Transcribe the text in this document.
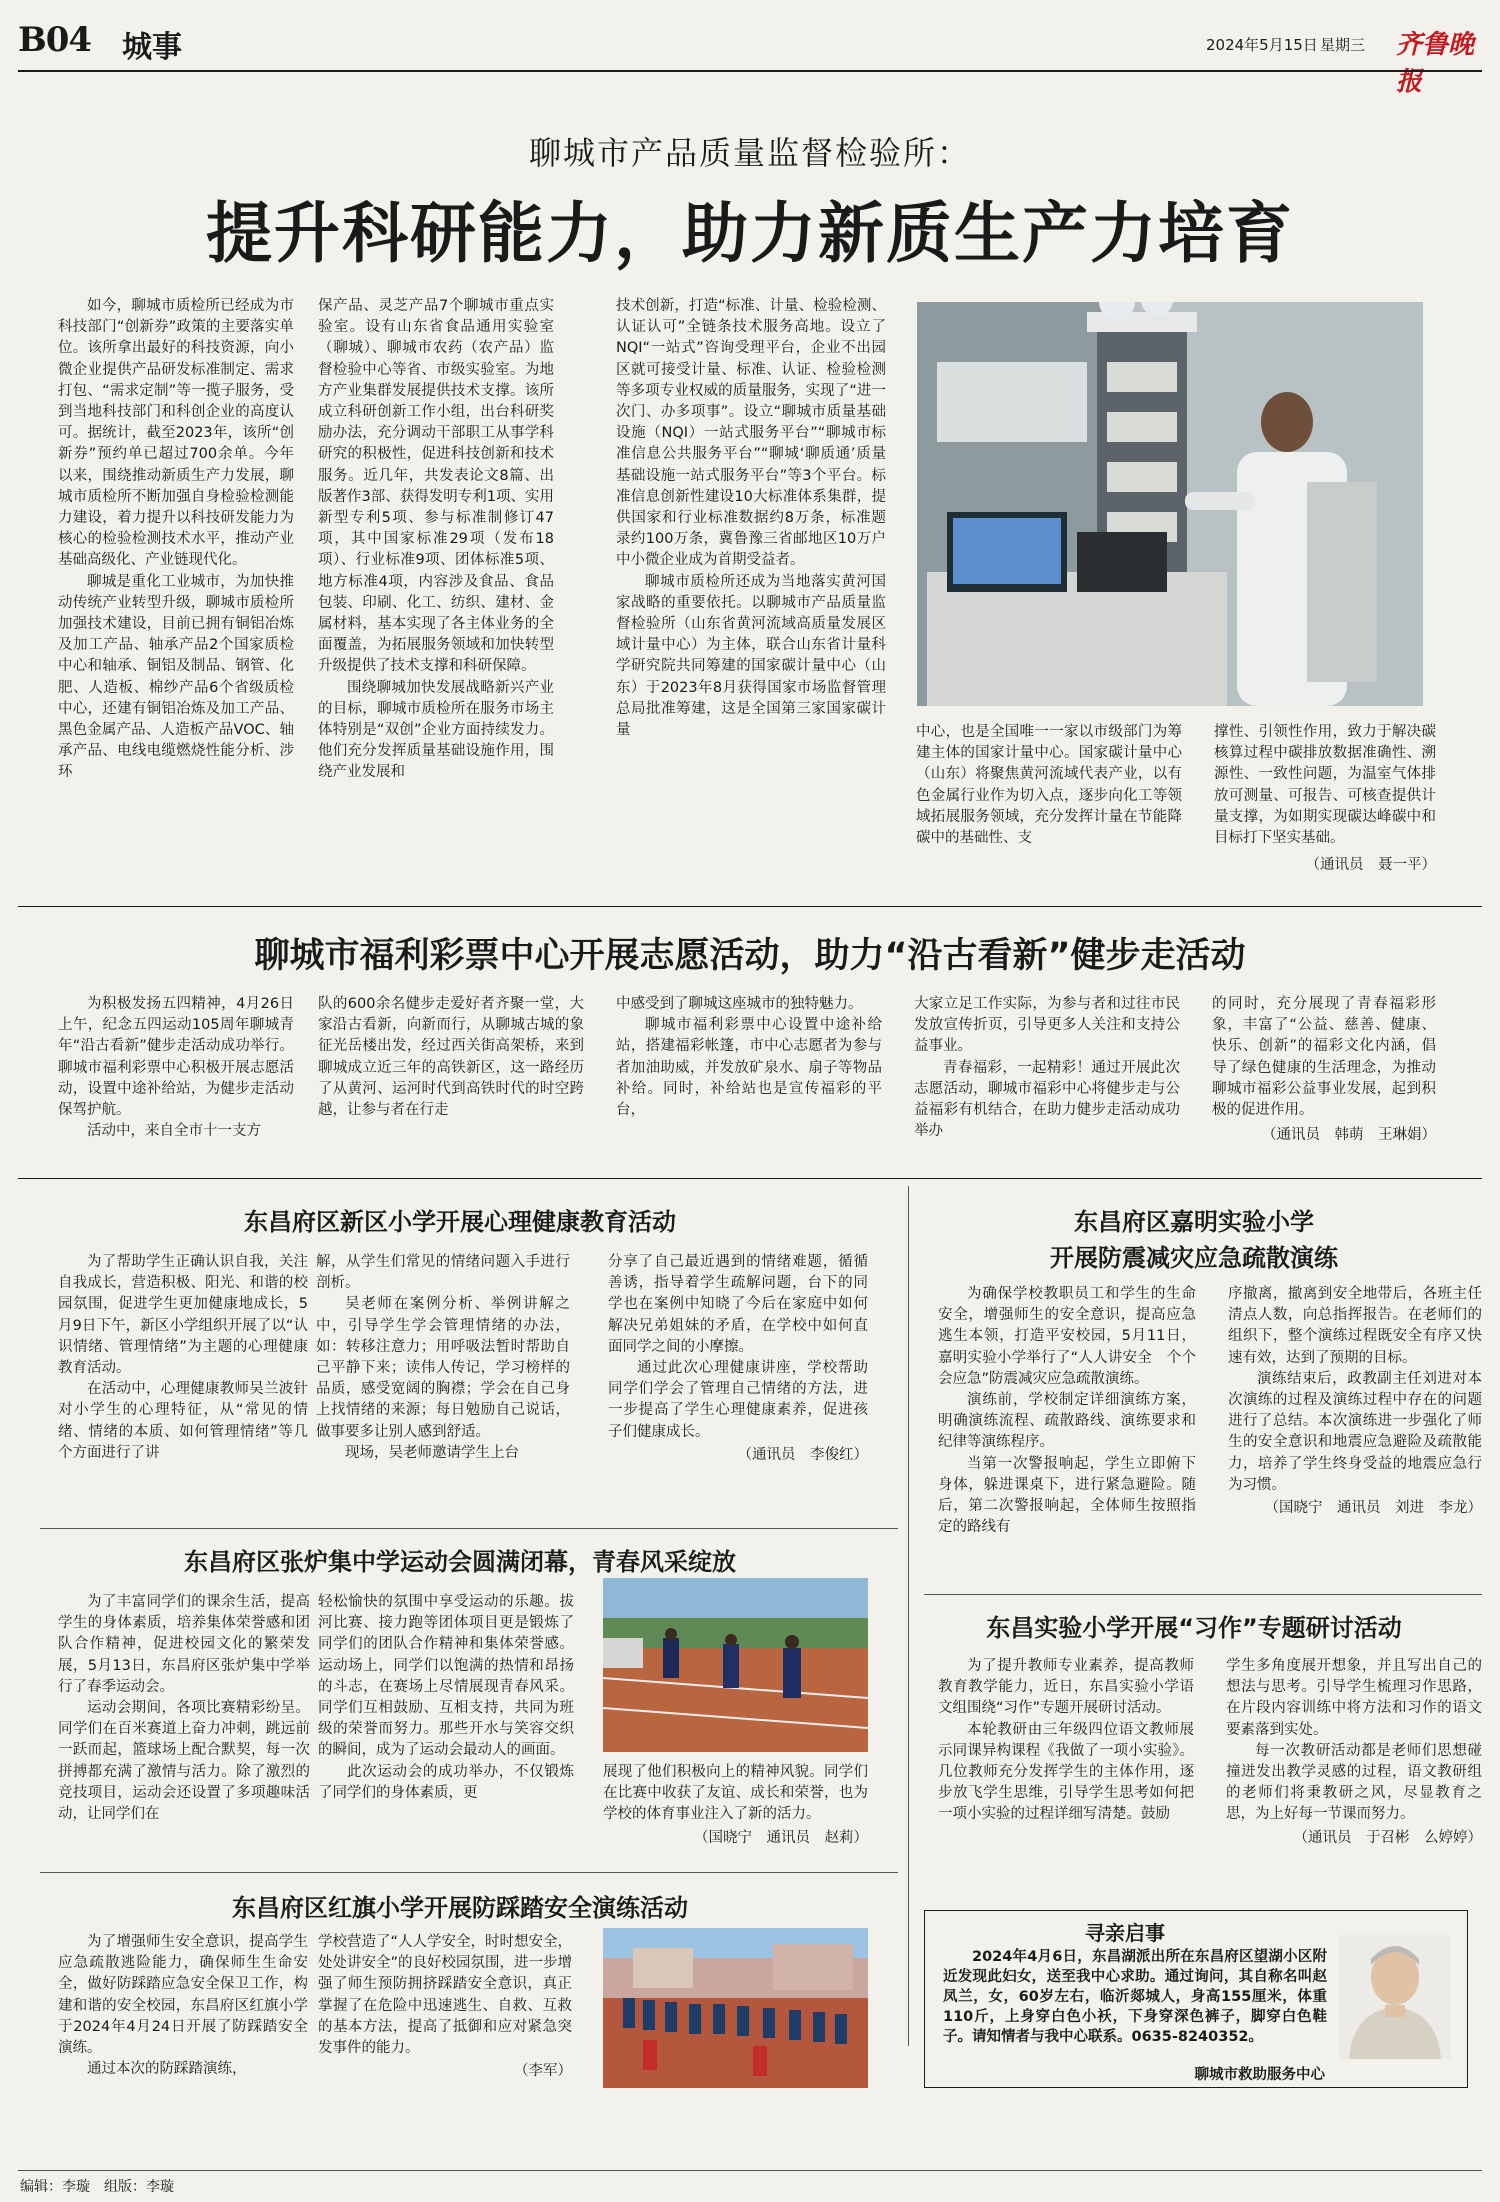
B04 城事	2024年5月15日 星期三 齐鲁晚报
聊城市产品质量监督检验所：
提升科研能力，助力新质生产力培育

如今，聊城市质检所已经成为市科技部门“创新券”政策的主要落实单位。该所拿出最好的科技资源，向小微企业提供产品研发标准制定、需求打包、“需求定制”等一揽子服务，受到当地科技部门和科创企业的高度认可。据统计，截至2023年，该所“创新券”预约单已超过700余单。今年以来，围绕推动新质生产力发展，聊城市质检所不断加强自身检验检测能力建设，着力提升以科技研发能力为核心的检验检测技术水平，推动产业基础高级化、产业链现代化。

聊城是重化工业城市，为加快推动传统产业转型升级，聊城市质检所加强技术建设，目前已拥有铜铝冶炼及加工产品、轴承产品2个国家质检中心和轴承、铜铝及制品、钢管、化肥、人造板、棉纱产品6个省级质检中心，还建有铜铝冶炼及加工产品、黑色金属产品、人造板产品VOC、轴承产品、电线电缆燃烧性能分析、涉环

保产品、灵芝产品7个聊城市重点实验室。设有山东省食品通用实验室（聊城）、聊城市农药（农产品）监督检验中心等省、市级实验室。为地方产业集群发展提供技术支撑。该所成立科研创新工作小组，出台科研奖励办法，充分调动干部职工从事学科研究的积极性，促进科技创新和技术服务。近几年，共发表论文8篇、出版著作3部、获得发明专利1项、实用新型专利5项、参与标准制修订47项，其中国家标准29项（发布18项）、行业标准9项、团体标准5项、地方标准4项，内容涉及食品、食品包装、印刷、化工、纺织、建材、金属材料，基本实现了各主体业务的全面覆盖，为拓展服务领域和加快转型升级提供了技术支撑和科研保障。

围绕聊城加快发展战略新兴产业的目标，聊城市质检所在服务市场主体特别是“双创”企业方面持续发力。他们充分发挥质量基础设施作用，围绕产业发展和

技术创新，打造“标准、计量、检验检测、认证认可”全链条技术服务高地。设立了NQI“一站式”咨询受理平台，企业不出园区就可接受计量、标准、认证、检验检测等多项专业权威的质量服务，实现了“进一次门、办多项事”。设立“聊城市质量基础设施（NQI）一站式服务平台”“聊城市标准信息公共服务平台”“聊城‘聊质通’质量基础设施一站式服务平台”等3个平台。标准信息创新性建设10大标准体系集群，提供国家和行业标准数据约8万条，标准题录约100万条，冀鲁豫三省邮地区10万户中小微企业成为首期受益者。

聊城市质检所还成为当地落实黄河国家战略的重要依托。以聊城市产品质量监督检验所（山东省黄河流域高质量发展区域计量中心）为主体，联合山东省计量科学研究院共同筹建的国家碳计量中心（山东）于2023年8月获得国家市场监督管理总局批准筹建，这是全国第三家国家碳计量	中心，也是全国唯一一家以市级部门为筹建主体的国家计量中心。国家碳计量中心（山东）将聚焦黄河流域代表产业，以有色金属行业作为切入点，逐步向化工等领域拓展服务领域，充分发挥计量在节能降碳中的基础性、支

撑性、引领性作用，致力于解决碳核算过程中碳排放数据准确性、溯源性、一致性问题，为温室气体排放可测量、可报告、可核查提供计量支撑，为如期实现碳达峰碳中和目标打下坚实基础。

（通讯员　聂一平）
聊城市福利彩票中心开展志愿活动，助力“沿古看新”健步走活动

为积极发扬五四精神，4月26日上午，纪念五四运动105周年聊城青年“沿古看新”健步走活动成功举行。聊城市福利彩票中心积极开展志愿活动，设置中途补给站，为健步走活动保驾护航。

活动中，来自全市十一支方

队的600余名健步走爱好者齐聚一堂，大家沿古看新，向新而行，从聊城古城的象征光岳楼出发，经过西关街高架桥，来到聊城成立近三年的高铁新区，这一路经历了从黄河、运河时代到高铁时代的时空跨越，让参与者在行走

中感受到了聊城这座城市的独特魅力。

聊城市福利彩票中心设置中途补给站，搭建福彩帐篷，市中心志愿者为参与者加油助威，并发放矿泉水、扇子等物品补给。同时，补给站也是宣传福彩的平台，

大家立足工作实际，为参与者和过往市民发放宣传折页，引导更多人关注和支持公益事业。

青春福彩，一起精彩！通过开展此次志愿活动，聊城市福彩中心将健步走与公益福彩有机结合，在助力健步走活动成功举办

的同时，充分展现了青春福彩形象，丰富了“公益、慈善、健康、快乐、创新”的福彩文化内涵，倡导了绿色健康的生活理念，为推动聊城市福彩公益事业发展，起到积极的促进作用。

（通讯员　韩萌　王琳娟）
东昌府区新区小学开展心理健康教育活动

为了帮助学生正确认识自我，关注自我成长，营造积极、阳光、和谐的校园氛围，促进学生更加健康地成长，5月9日下午，新区小学组织开展了以“认识情绪、管理情绪”为主题的心理健康教育活动。

在活动中，心理健康教师吴兰波针对小学生的心理特征，从“常见的情绪、情绪的本质、如何管理情绪”等几个方面进行了讲

解，从学生们常见的情绪问题入手进行剖析。

吴老师在案例分析、举例讲解之中，引导学生学会管理情绪的办法，如：转移注意力；用呼吸法暂时帮助自己平静下来；读伟人传记，学习榜样的品质，感受宽阔的胸襟；学会在自己身上找情绪的来源；每日勉励自己说话，做事要多让别人感到舒适。

现场，吴老师邀请学生上台

分享了自己最近遇到的情绪难题，循循善诱，指导着学生疏解问题，台下的同学也在案例中知晓了今后在家庭中如何解决兄弟姐妹的矛盾，在学校中如何直面同学之间的小摩擦。

通过此次心理健康讲座，学校帮助同学们学会了管理自己情绪的方法，进一步提高了学生心理健康素养，促进孩子们健康成长。

（通讯员　李俊红）
东昌府区嘉明实验小学
开展防震减灾应急疏散演练

为确保学校教职员工和学生的生命安全，增强师生的安全意识，提高应急逃生本领，打造平安校园，5月11日，嘉明实验小学举行了“人人讲安全　个个会应急”防震减灾应急疏散演练。

演练前，学校制定详细演练方案，明确演练流程、疏散路线、演练要求和纪律等演练程序。

当第一次警报响起，学生立即俯下身体，躲进课桌下，进行紧急避险。随后，第二次警报响起，全体师生按照指定的路线有

序撤离，撤离到安全地带后，各班主任清点人数，向总指挥报告。在老师们的组织下，整个演练过程既安全有序又快速有效，达到了预期的目标。

演练结束后，政教副主任刘进对本次演练的过程及演练过程中存在的问题进行了总结。本次演练进一步强化了师生的安全意识和地震应急避险及疏散能力，培养了学生终身受益的地震应急行为习惯。

（国晓宁　通讯员　刘进　李龙）
东昌府区张炉集中学运动会圆满闭幕，青春风采绽放

为了丰富同学们的课余生活，提高学生的身体素质，培养集体荣誉感和团队合作精神，促进校园文化的繁荣发展，5月13日，东昌府区张炉集中学举行了春季运动会。

运动会期间，各项比赛精彩纷呈。同学们在百米赛道上奋力冲刺，跳远前一跃而起，篮球场上配合默契，每一次拼搏都充满了激情与活力。除了激烈的竞技项目，运动会还设置了多项趣味活动，让同学们在

轻松愉快的氛围中享受运动的乐趣。拔河比赛、接力跑等团体项目更是锻炼了同学们的团队合作精神和集体荣誉感。运动场上，同学们以饱满的热情和昂扬的斗志，在赛场上尽情展现青春风采。同学们互相鼓励、互相支持，共同为班级的荣誉而努力。那些开水与笑容交织的瞬间，成为了运动会最动人的画面。

此次运动会的成功举办，不仅锻炼了同学们的身体素质，更

展现了他们积极向上的精神风貌。同学们在比赛中收获了友谊、成长和荣誉，也为学校的体育事业注入了新的活力。

（国晓宁　通讯员　赵莉）
东昌实验小学开展“习作”专题研讨活动

为了提升教师专业素养，提高教师教育教学能力，近日，东昌实验小学语文组围绕“习作”专题开展研讨活动。

本轮教研由三年级四位语文教师展示同课异构课程《我做了一项小实验》。几位教师充分发挥学生的主体作用，逐步放飞学生思维，引导学生思考如何把一项小实验的过程详细写清楚。鼓励

学生多角度展开想象，并且写出自己的想法与思考。引导学生梳理习作思路，在片段内容训练中将方法和习作的语文要素落到实处。

每一次教研活动都是老师们思想碰撞迸发出教学灵感的过程，语文教研组的老师们将秉教研之风，尽显教育之思，为上好每一节课而努力。

（通讯员　于召彬　么婷婷）
东昌府区红旗小学开展防踩踏安全演练活动

为了增强师生安全意识，提高学生应急疏散逃险能力，确保师生生命安全，做好防踩踏应急安全保卫工作，构建和谐的安全校园，东昌府区红旗小学于2024年4月24日开展了防踩踏安全演练。

通过本次的防踩踏演练，

学校营造了“人人学安全，时时想安全，处处讲安全”的良好校园氛围，进一步增强了师生预防拥挤踩踏安全意识，真正掌握了在危险中迅速逃生、自救、互救的基本方法，提高了抵御和应对紧急突发事件的能力。

（李军）
寻亲启事
2024年4月6日，东昌湖派出所在东昌府区望湖小区附近发现此妇女，送至我中心求助。通过询问，其自称名叫赵凤兰，女，60岁左右，临沂郯城人，身高155厘米，体重110斤，上身穿白色小袄，下身穿深色裤子，脚穿白色鞋子。请知情者与我中心联系。0635-8240352。
聊城市救助服务中心
编辑：李璇　组版：李璇
